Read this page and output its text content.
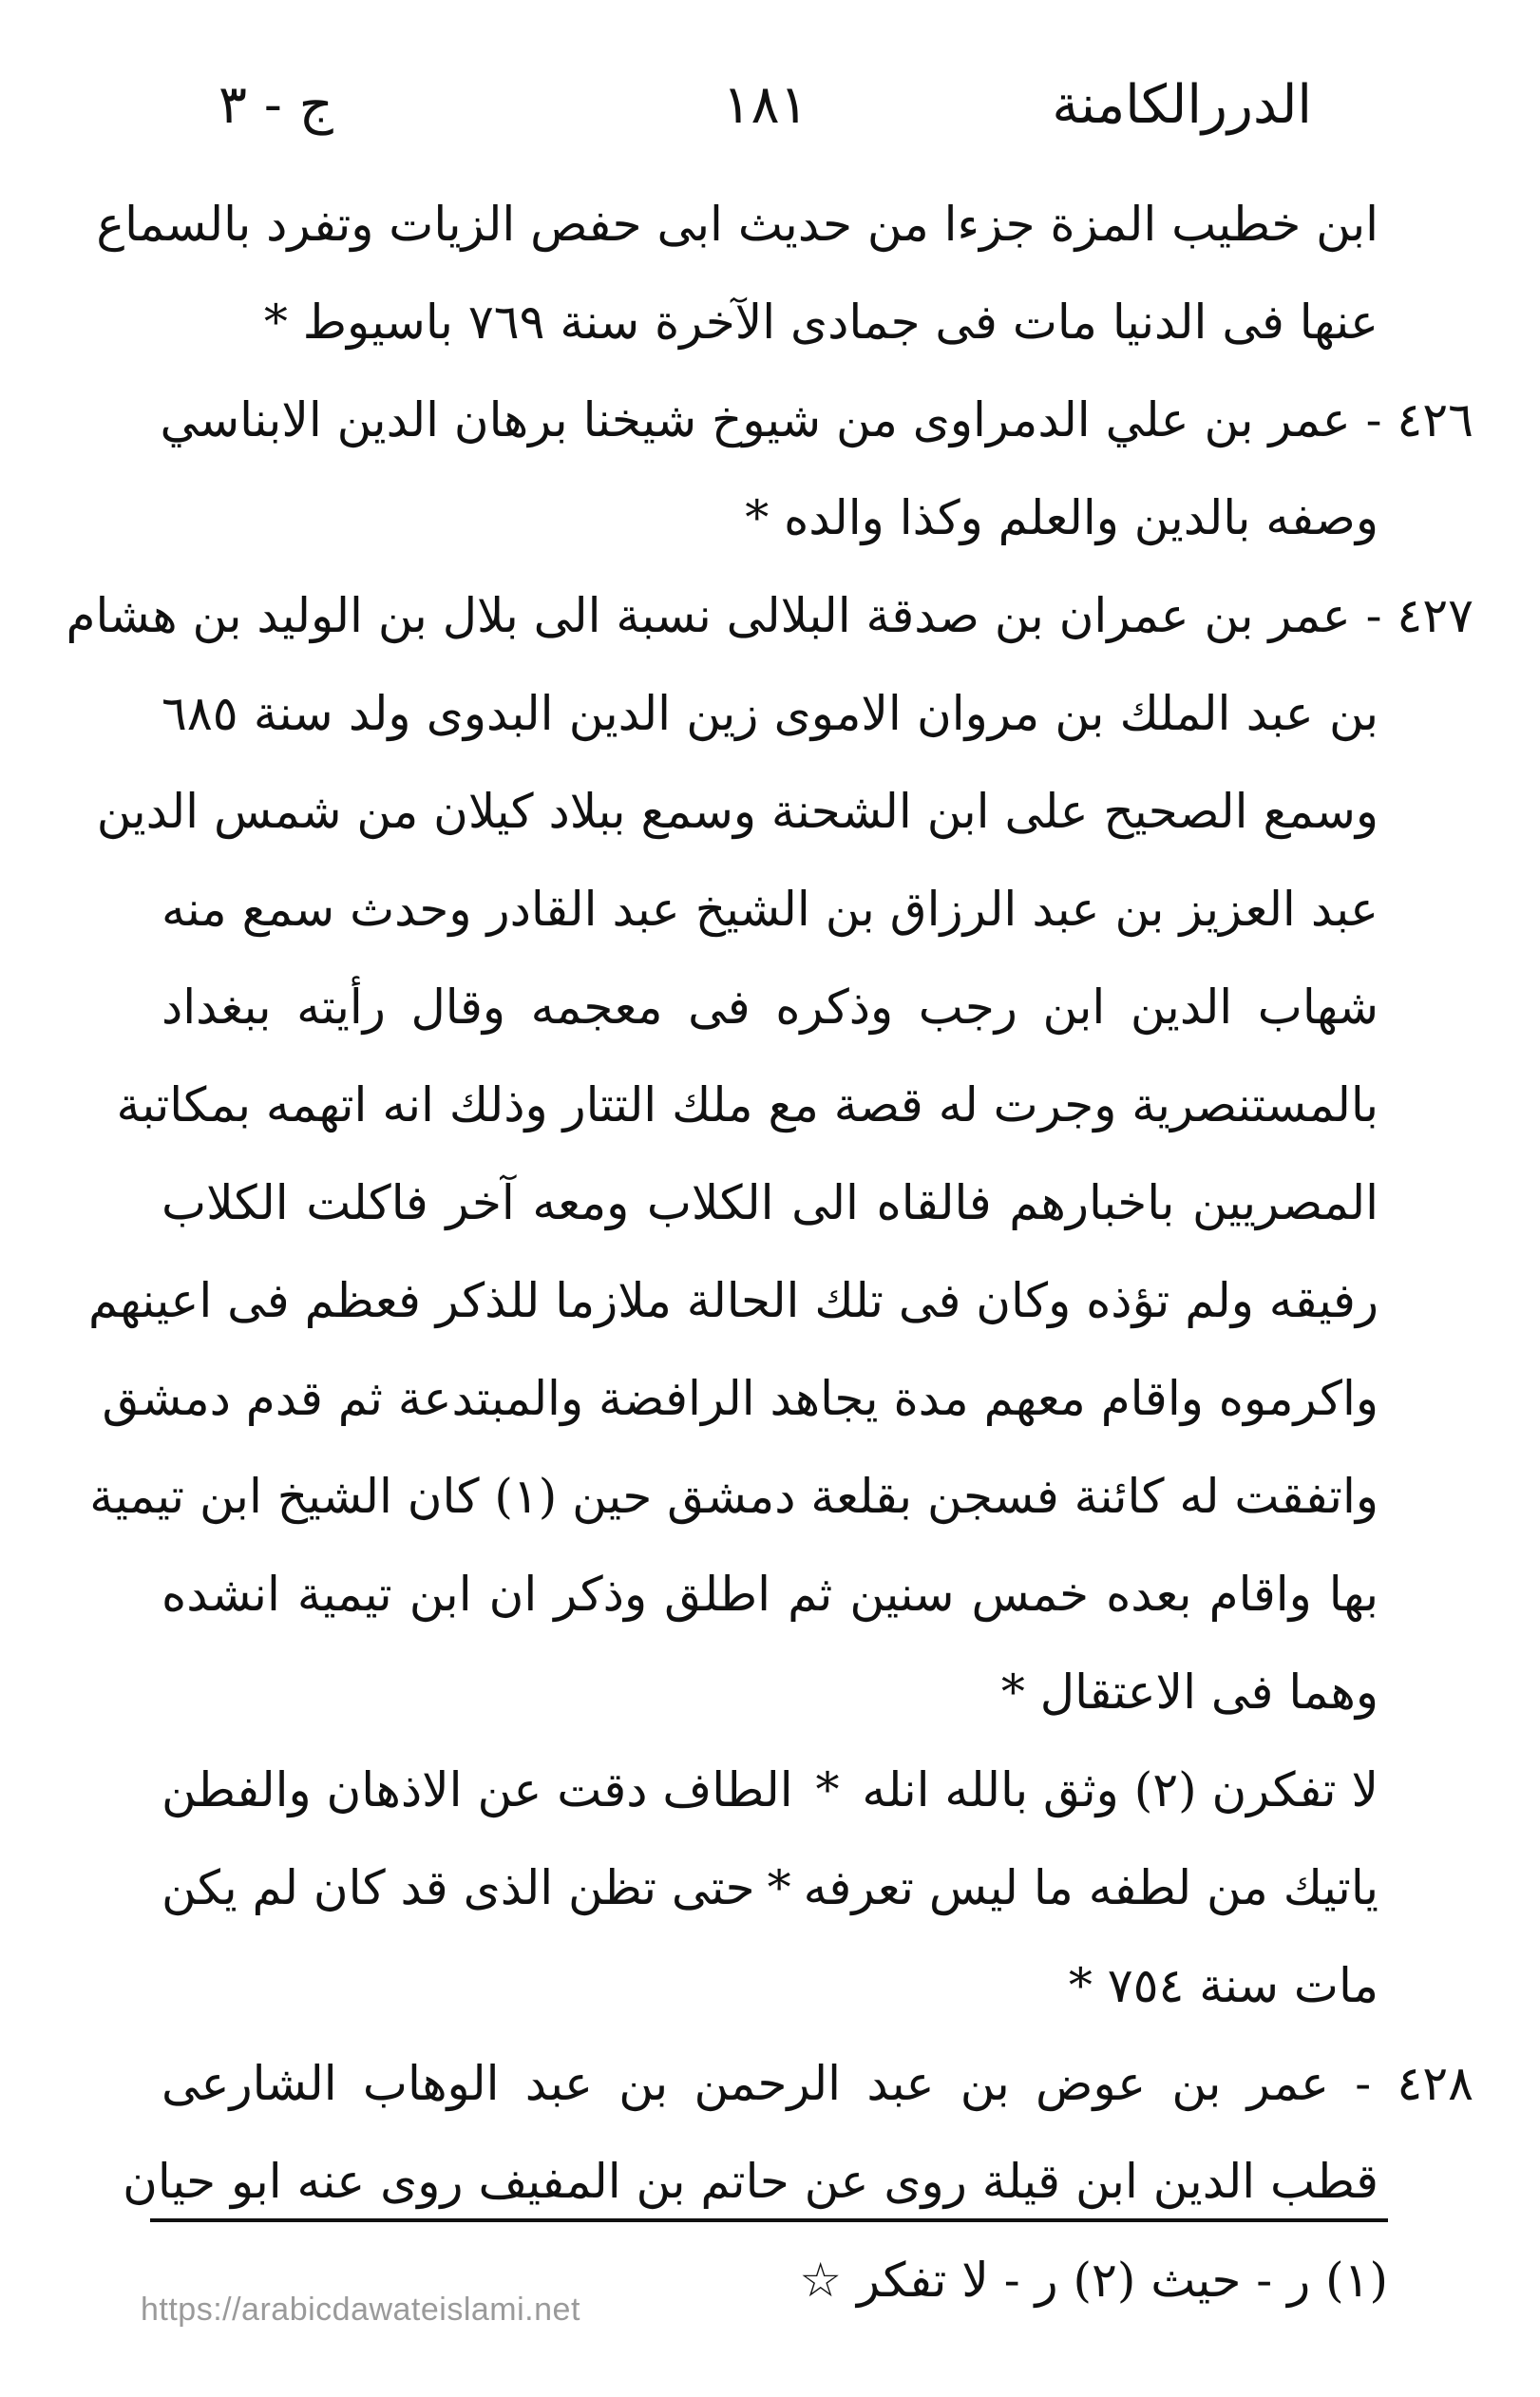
الدررالكامنة
١٨١
ج - ٣
ابن خطيب المزة جزءا من حديث ابى حفص الزيات وتفرد بالسماع
عنها فى الدنيا مات فى جمادى الآخرة سنة ٧٦٩ باسيوط *
٤٢٦ - عمر بن علي الدمراوى من شيوخ شيخنا برهان الدين الابناسي
وصفه بالدين والعلم وكذا والده *
٤٢٧ - عمر بن عمران بن صدقة البلالى نسبة الى بلال بن الوليد بن هشام
بن عبد الملك بن مروان الاموى زين الدين البدوى ولد سنة ٦٨٥
وسمع الصحيح على ابن الشحنة وسمع ببلاد كيلان من شمس الدين
عبد العزيز بن عبد الرزاق بن الشيخ عبد القادر وحدث سمع منه
شهاب الدين ابن رجب وذكره فى معجمه وقال رأيته ببغداد
بالمستنصرية وجرت له قصة مع ملك التتار وذلك انه اتهمه بمكاتبة
المصريين باخبارهم فالقاه الى الكلاب ومعه آخر فاكلت الكلاب
رفيقه ولم تؤذه وكان فى تلك الحالة ملازما للذكر فعظم فى اعينهم
واكرموه واقام معهم مدة يجاهد الرافضة والمبتدعة ثم قدم دمشق
واتفقت له كائنة فسجن بقلعة دمشق حين (١) كان الشيخ ابن تيمية
بها واقام بعده خمس سنين ثم اطلق وذكر ان ابن تيمية انشده
وهما فى الاعتقال *
لا تفكرن (٢) وثق بالله انله
*
الطاف دقت عن الاذهان والفطن
ياتيك من لطفه ما ليس تعرفه
*
حتى تظن الذى قد كان لم يكن
مات سنة ٧٥٤ *
٤٢٨ - عمر بن عوض بن عبد الرحمن بن عبد الوهاب الشارعى
قطب الدين ابن قيلة روى عن حاتم بن المفيف روى عنه ابو حيان
(١) ر - حيث (٢) ر - لا تفكر ☆
https://arabicdawateislami.net
